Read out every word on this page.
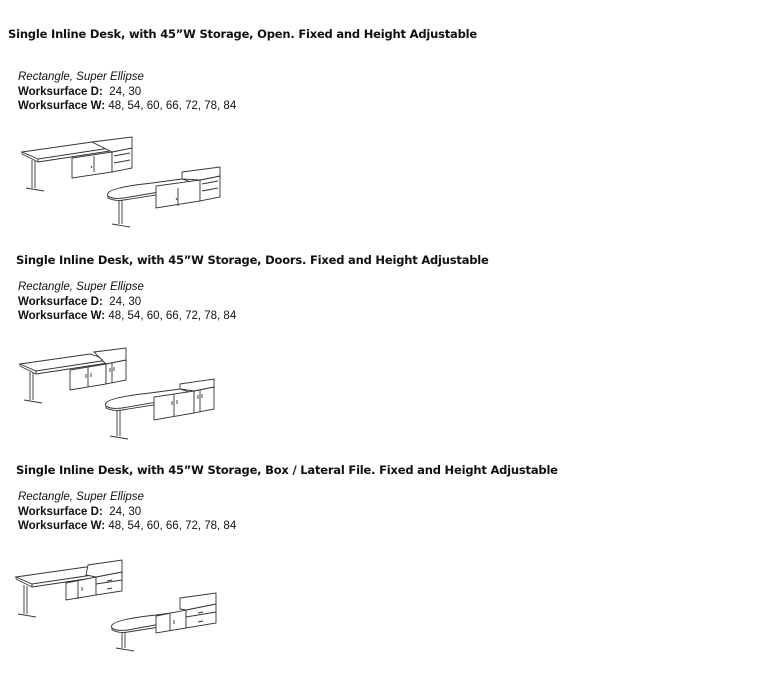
Single Inline Desk, with 45”W Storage, Open. Fixed and Height Adjustable
Rectangle, Super Ellipse
Worksurface D: 24, 30
Worksurface W: 48, 54, 60, 66, 72, 78, 84
Single Inline Desk, with 45”W Storage, Doors. Fixed and Height Adjustable
Rectangle, Super Ellipse
Worksurface D: 24, 30
Worksurface W: 48, 54, 60, 66, 72, 78, 84
Single Inline Desk, with 45”W Storage, Box / Lateral File. Fixed and Height Adjustable
Rectangle, Super Ellipse
Worksurface D: 24, 30
Worksurface W: 48, 54, 60, 66, 72, 78, 84
